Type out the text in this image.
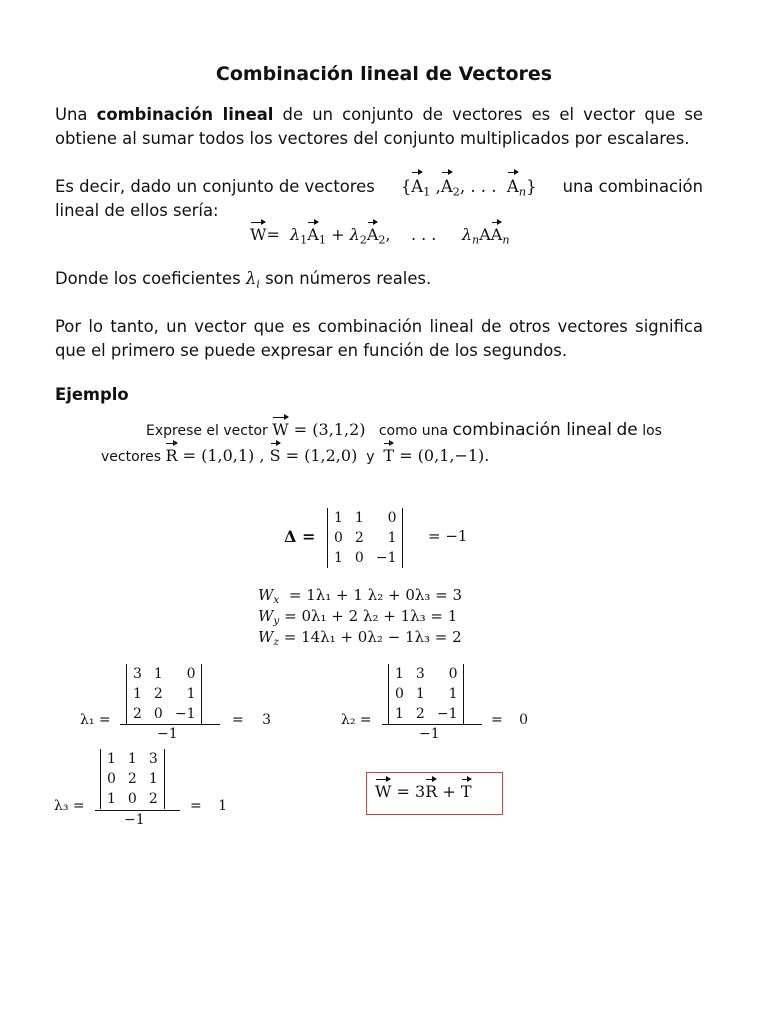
Combinación lineal de Vectores
Una combinación lineal de un conjunto de vectores es el vector que se
obtiene al sumar todos los vectores del conjunto multiplicados por escalares.
Es decir, dado un conjunto de vectores {$A_1$ $,A_2$, . . . $A_n$} una combinación
lineal de ellos sería:
$W= \lambda_1A_1 + \lambda_2A_2$, . . . $\lambda_nAA_n$
Donde los coeficientes $\lambda_i$ son números reales.
Por lo tanto, un vector que es combinación lineal de otros vectores significa
que el primero se puede expresar en función de los segundos.
Ejemplo
Exprese el vector W = (3,1,2) como una combinación lineal de los
vectores R = (1,0,1) , S = (1,2,0) y T = (0,1,−1).
Δ =
1	1	0
0	2	1
1	0	−1
= −1
$W_x = 1\lambda_1 + 1$ λ₂ + 0λ₃ = 3
$W_y = 0\lambda_1 + 2$ λ₂ + 1λ₃ = 1
$W_z = 14\lambda_1 + 0\lambda_2 - 1\lambda_3 = 2$
λ₁ =
3	1	0
1	2	1
2	0	−1
−1
= 3	λ₂ =
1	3	0
0	1	1
1	2	−1
−1
= 0
λ₃ =
1	1	3
0	2	1
1	0	2
−1
= 1
W = 3R + T
